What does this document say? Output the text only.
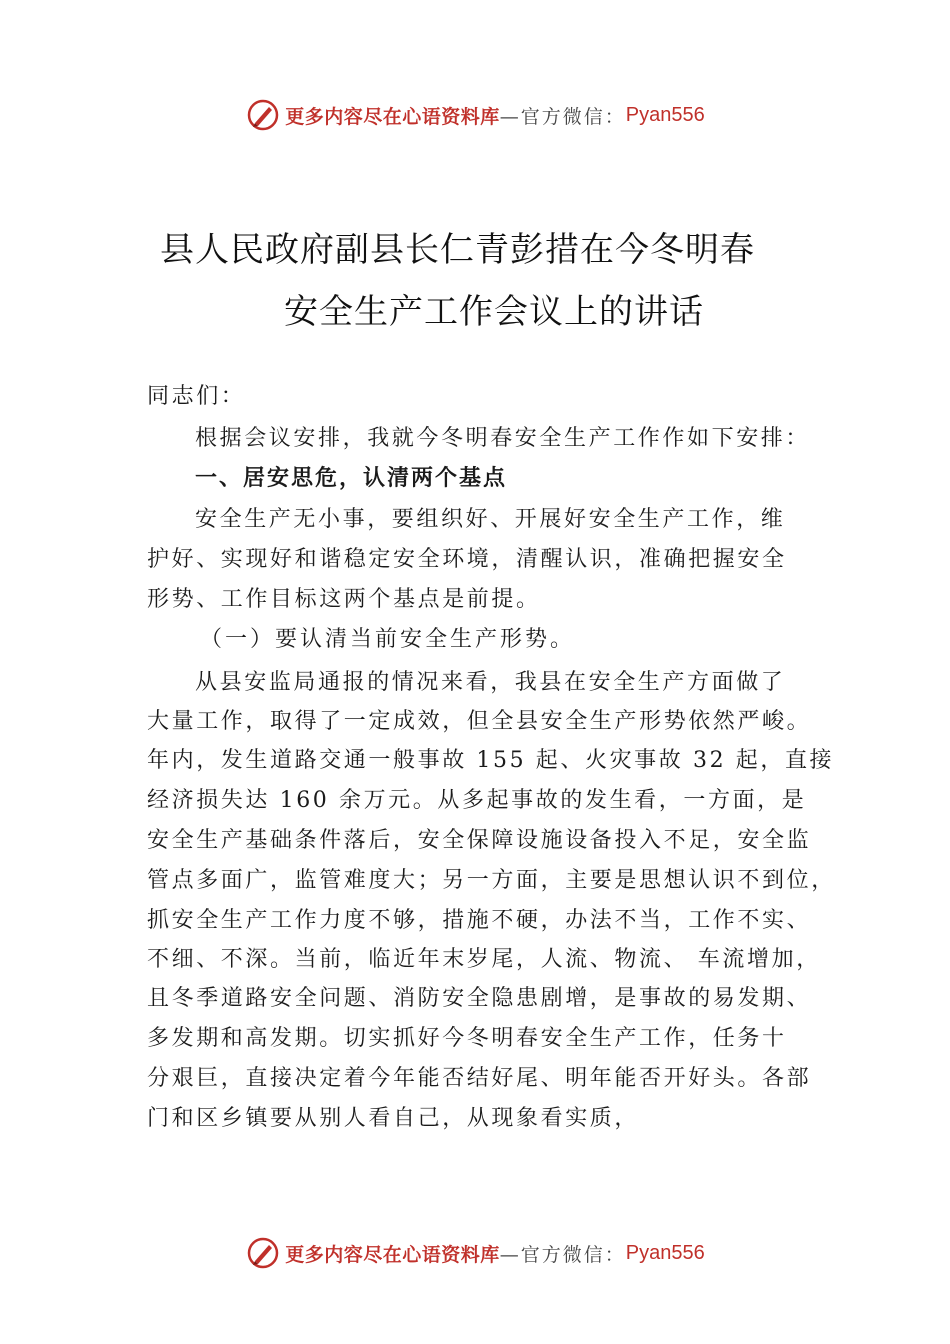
更多内容尽在心语资料库 —官方微信： Pyan556
县人民政府副县长仁青彭措在今冬明春
安全生产工作会议上的讲话
同志们：
根据会议安排，我就今冬明春安全生产工作作如下安排：
一、居安思危，认清两个基点
安全生产无小事，要组织好、开展好安全生产工作，维
护好、实现好和谐稳定安全环境，清醒认识，准确把握安全
形势、工作目标这两个基点是前提。
（一）要认清当前安全生产形势。
从县安监局通报的情况来看，我县在安全生产方面做了
大量工作，取得了一定成效，但全县安全生产形势依然严峻。
年内，发生道路交通一般事故 155 起、火灾事故 32 起，直接
经济损失达 160 余万元。从多起事故的发生看，一方面，是
安全生产基础条件落后，安全保障设施设备投入不足，安全监
管点多面广，监管难度大；另一方面，主要是思想认识不到位，
抓安全生产工作力度不够，措施不硬，办法不当，工作不实、
不细、不深。当前，临近年末岁尾，人流、物流、 车流增加，
且冬季道路安全问题、消防安全隐患剧增，是事故的易发期、
多发期和高发期。切实抓好今冬明春安全生产工作，任务十
分艰巨，直接决定着今年能否结好尾、明年能否开好头。各部
门和区乡镇要从别人看自己，从现象看实质，
更多内容尽在心语资料库 —官方微信： Pyan556
